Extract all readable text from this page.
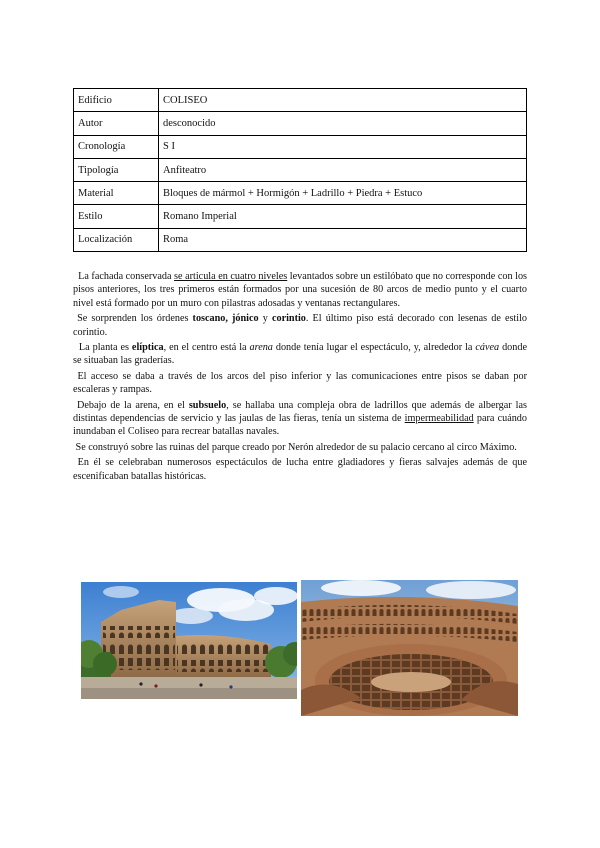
Edificio	COLISEO
Autor	desconocido
Cronología	S I
Tipología	Anfiteatro
Material	Bloques de mármol + Hormigón + Ladrillo + Piedra + Estuco
Estilo	Romano Imperial
Localización	Roma

La fachada conservada se articula en cuatro niveles levantados sobre un estilóbato que no corresponde con los pisos anteriores, los tres primeros están formados por una sucesión de 80 arcos de medio punto y el cuarto nivel está formado por un muro con pilastras adosadas y ventanas rectangulares.

Se sorprenden los órdenes toscano, jónico y corintio. El último piso está decorado con lesenas de estilo corintio.

La planta es elíptica, en el centro está la arena donde tenía lugar el espectáculo, y, alrededor la cávea donde se situaban las graderías.

El acceso se daba a través de los arcos del piso inferior y las comunicaciones entre pisos se daban por escaleras y rampas.

Debajo de la arena, en el subsuelo, se hallaba una compleja obra de ladrillos que además de albergar las distintas dependencias de servicio y las jaulas de las fieras, tenía un sistema de impermeabilidad para cuándo inundaban el Coliseo para recrear batallas navales.

Se construyó sobre las ruinas del parque creado por Nerón alrededor de su palacio cercano al circo Máximo.

En él se celebraban numerosos espectáculos de lucha entre gladiadores y fieras salvajes además de que escenificaban batallas históricas.
